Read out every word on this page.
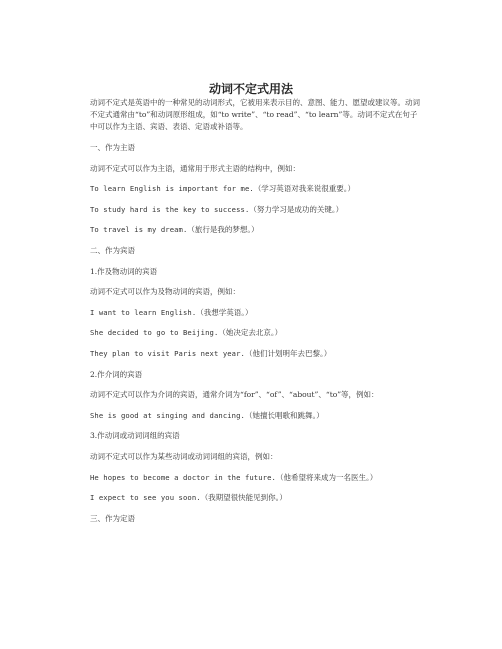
动词不定式用法

动词不定式是英语中的一种常见的动词形式，它被用来表示目的、意图、能力、愿望或建议等。动词不定式通常由“to”和动词原形组成，如“to write”、“to read”、“to learn”等。动词不定式在句子中可以作为主语、宾语、表语、定语或补语等。

一、作为主语

动词不定式可以作为主语，通常用于形式主语的结构中，例如：

To learn English is important for me.（学习英语对我来说很重要。）

To study hard is the key to success.（努力学习是成功的关键。）

To travel is my dream.（旅行是我的梦想。）

二、作为宾语

1.作及物动词的宾语

动词不定式可以作为及物动词的宾语，例如：

I want to learn English.（我想学英语。）

She decided to go to Beijing.（她决定去北京。）

They plan to visit Paris next year.（他们计划明年去巴黎。）

2.作介词的宾语

动词不定式可以作为介词的宾语，通常介词为“for”、“of”、“about”、“to”等，例如：

She is good at singing and dancing.（她擅长唱歌和跳舞。）

3.作动词或动词词组的宾语

动词不定式可以作为某些动词或动词词组的宾语，例如：

He hopes to become a doctor in the future.（他希望将来成为一名医生。）

I expect to see you soon.（我期望很快能见到你。）

三、作为定语
